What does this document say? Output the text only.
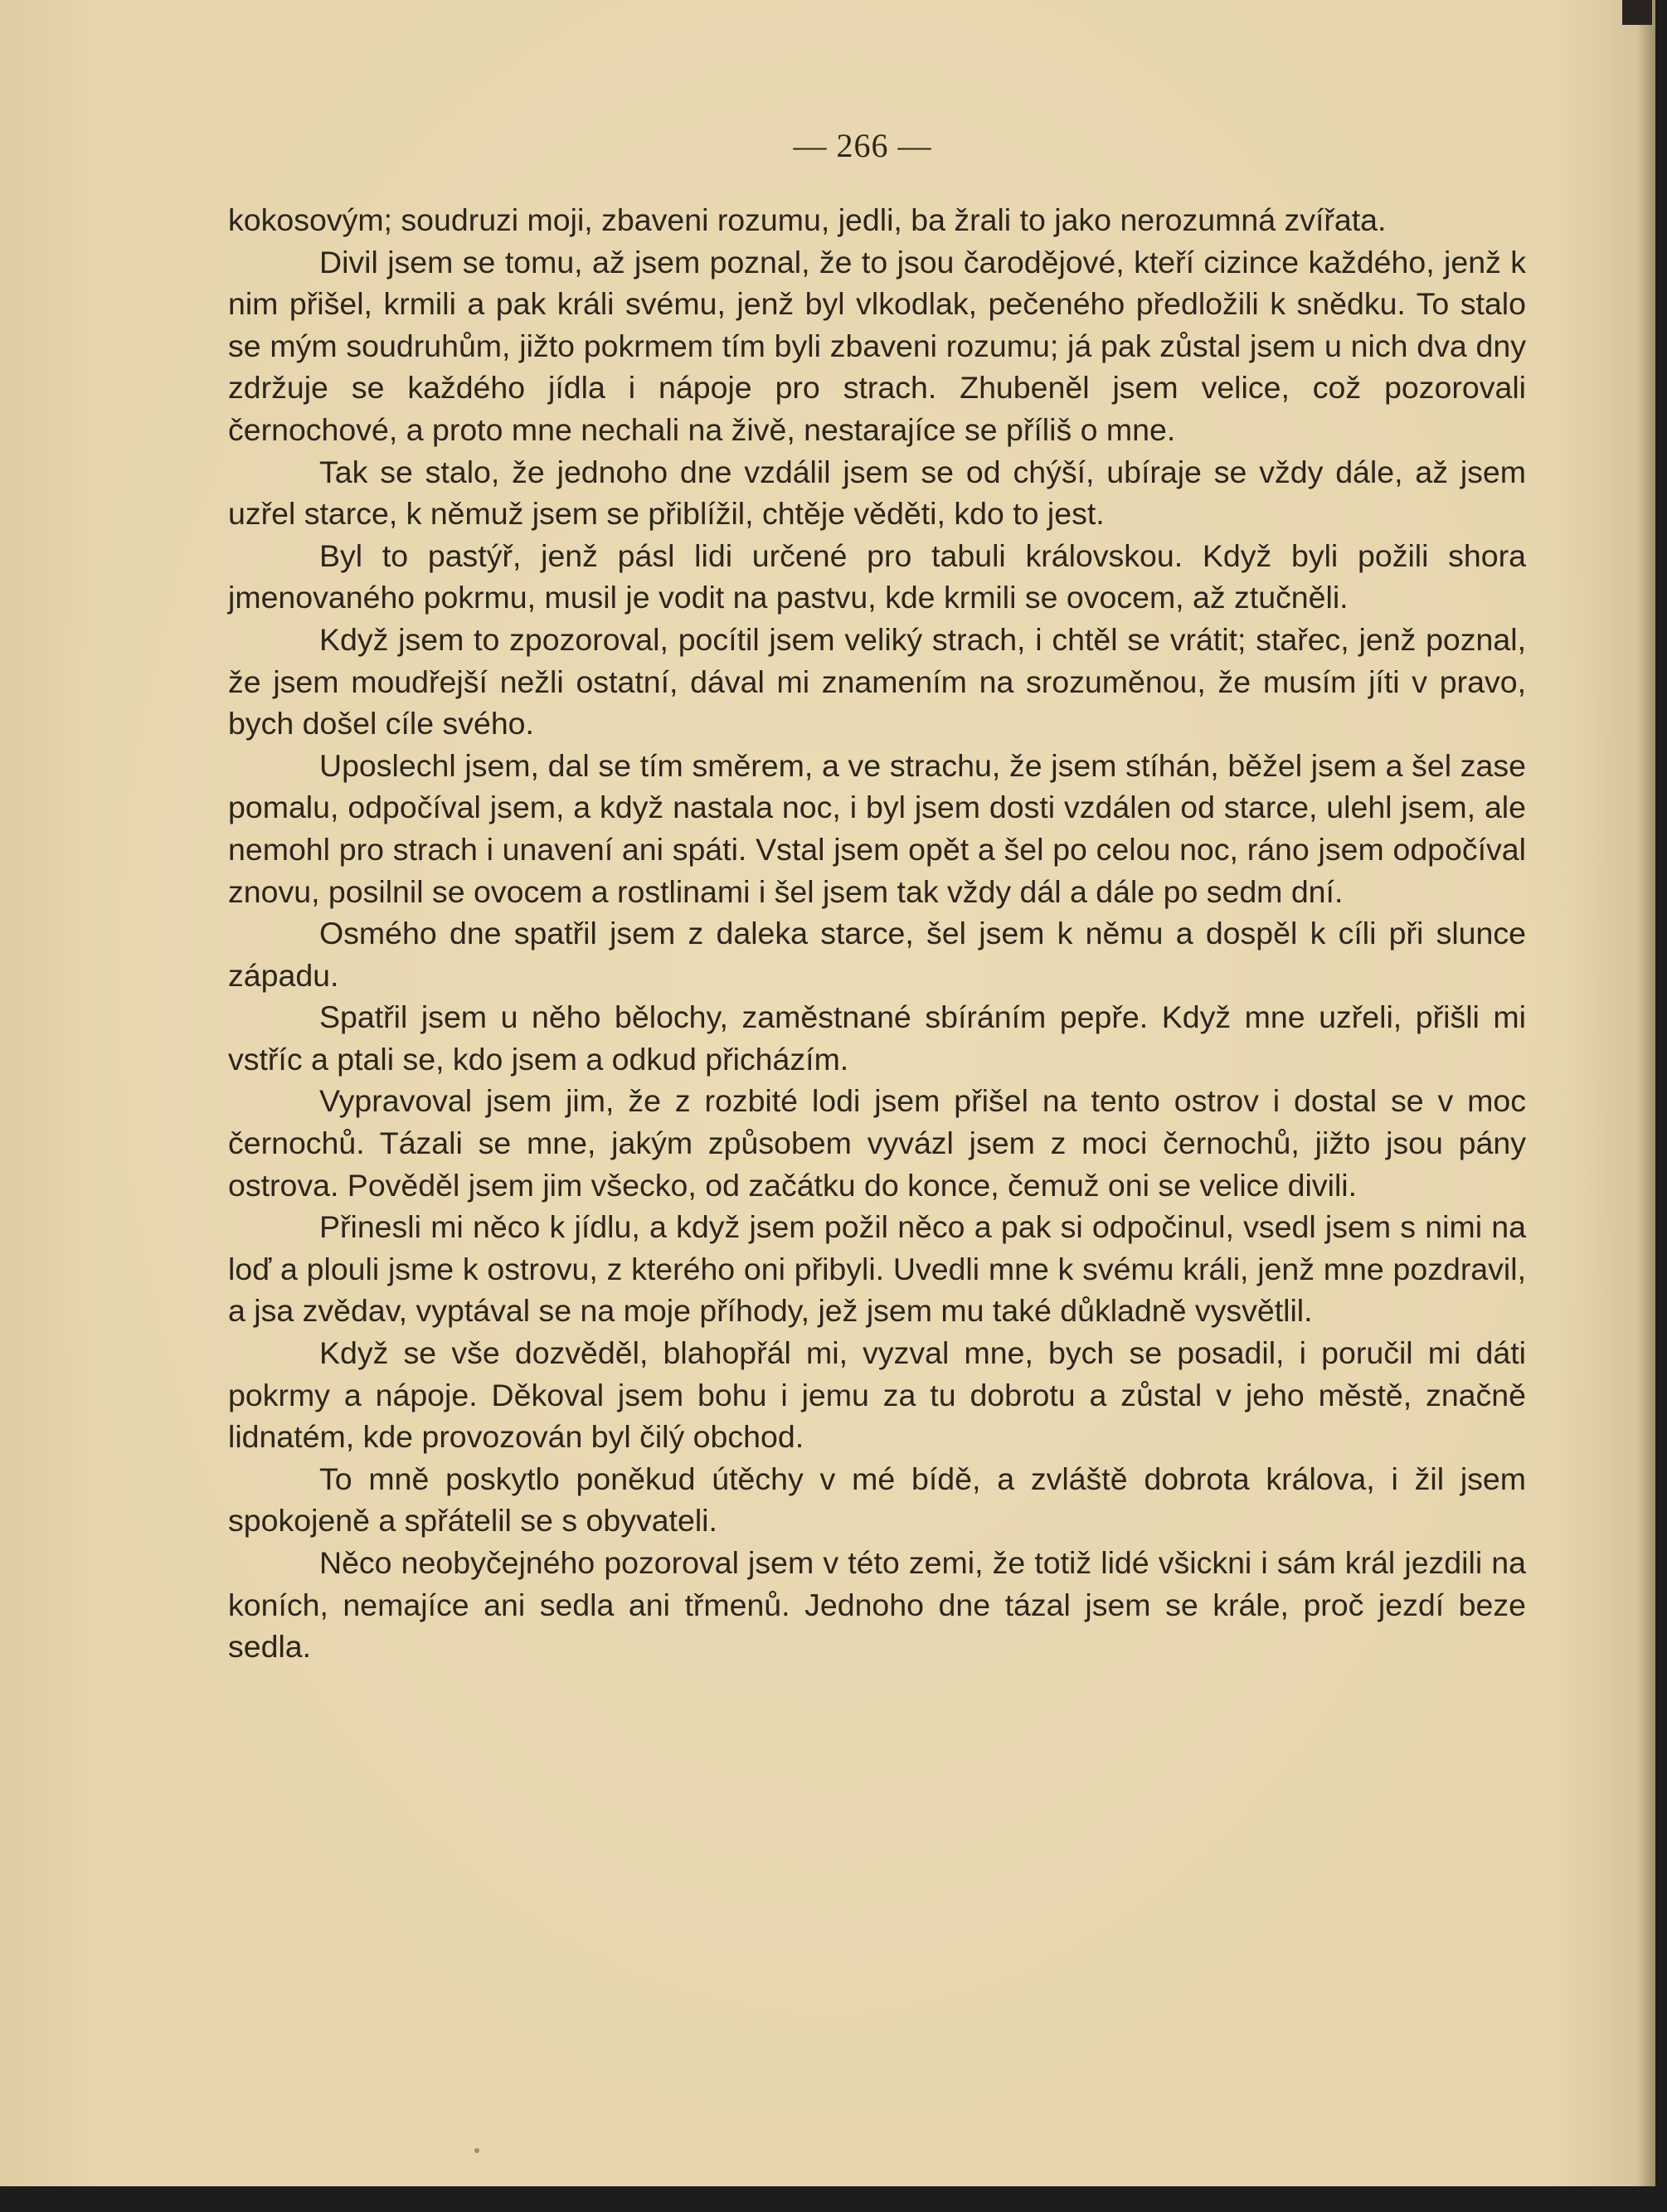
— 266 —

kokosovým; soudruzi moji, zbaveni rozumu, jedli, ba žrali to jako nerozumná zvířata.

Divil jsem se tomu, až jsem poznal, že to jsou čarodějové, kteří cizince každého, jenž k nim přišel, krmili a pak králi svému, jenž byl vlkodlak, pečeného předložili k snědku. To stalo se mým soudruhům, jižto pokrmem tím byli zbaveni rozumu; já pak zůstal jsem u nich dva dny zdržuje se každého jídla i nápoje pro strach. Zhubeněl jsem velice, což pozorovali černochové, a proto mne nechali na živě, nestarajíce se příliš o mne.

Tak se stalo, že jednoho dne vzdálil jsem se od chýší, ubíraje se vždy dále, až jsem uzřel starce, k němuž jsem se přiblížil, chtěje věděti, kdo to jest.

Byl to pastýř, jenž pásl lidi určené pro tabuli královskou. Když byli požili shora jmenovaného pokrmu, musil je vodit na pastvu, kde krmili se ovocem, až ztučněli.

Když jsem to zpozoroval, pocítil jsem veliký strach, i chtěl se vrátit; stařec, jenž poznal, že jsem moudřejší nežli ostatní, dával mi znamením na srozuměnou, že musím jíti v pravo, bych došel cíle svého.

Uposlechl jsem, dal se tím směrem, a ve strachu, že jsem stíhán, běžel jsem a šel zase pomalu, odpočíval jsem, a když nastala noc, i byl jsem dosti vzdálen od starce, ulehl jsem, ale nemohl pro strach i unavení ani spáti. Vstal jsem opět a šel po celou noc, ráno jsem odpočíval znovu, posilnil se ovocem a rostlinami i šel jsem tak vždy dál a dále po sedm dní.

Osmého dne spatřil jsem z daleka starce, šel jsem k němu a dospěl k cíli při slunce západu.

Spatřil jsem u něho bělochy, zaměstnané sbíráním pepře. Když mne uzřeli, přišli mi vstříc a ptali se, kdo jsem a odkud přicházím.

Vypravoval jsem jim, že z rozbité lodi jsem přišel na tento ostrov i dostal se v moc černochů. Tázali se mne, jakým způsobem vyvázl jsem z moci černochů, jižto jsou pány ostrova. Pověděl jsem jim všecko, od začátku do konce, čemuž oni se velice divili.

Přinesli mi něco k jídlu, a když jsem požil něco a pak si odpočinul, vsedl jsem s nimi na loď a plouli jsme k ostrovu, z kterého oni přibyli. Uvedli mne k svému králi, jenž mne pozdravil, a jsa zvědav, vyptával se na moje příhody, jež jsem mu také důkladně vysvětlil.

Když se vše dozvěděl, blahopřál mi, vyzval mne, bych se posadil, i poručil mi dáti pokrmy a nápoje. Děkoval jsem bohu i jemu za tu dobrotu a zůstal v jeho městě, značně lidnatém, kde provozován byl čilý obchod.

To mně poskytlo poněkud útěchy v mé bídě, a zvláště dobrota králova, i žil jsem spokojeně a spřátelil se s obyvateli.

Něco neobyčejného pozoroval jsem v této zemi, že totiž lidé všickni i sám král jezdili na koních, nemajíce ani sedla ani třmenů. Jednoho dne tázal jsem se krále, proč jezdí beze sedla.
